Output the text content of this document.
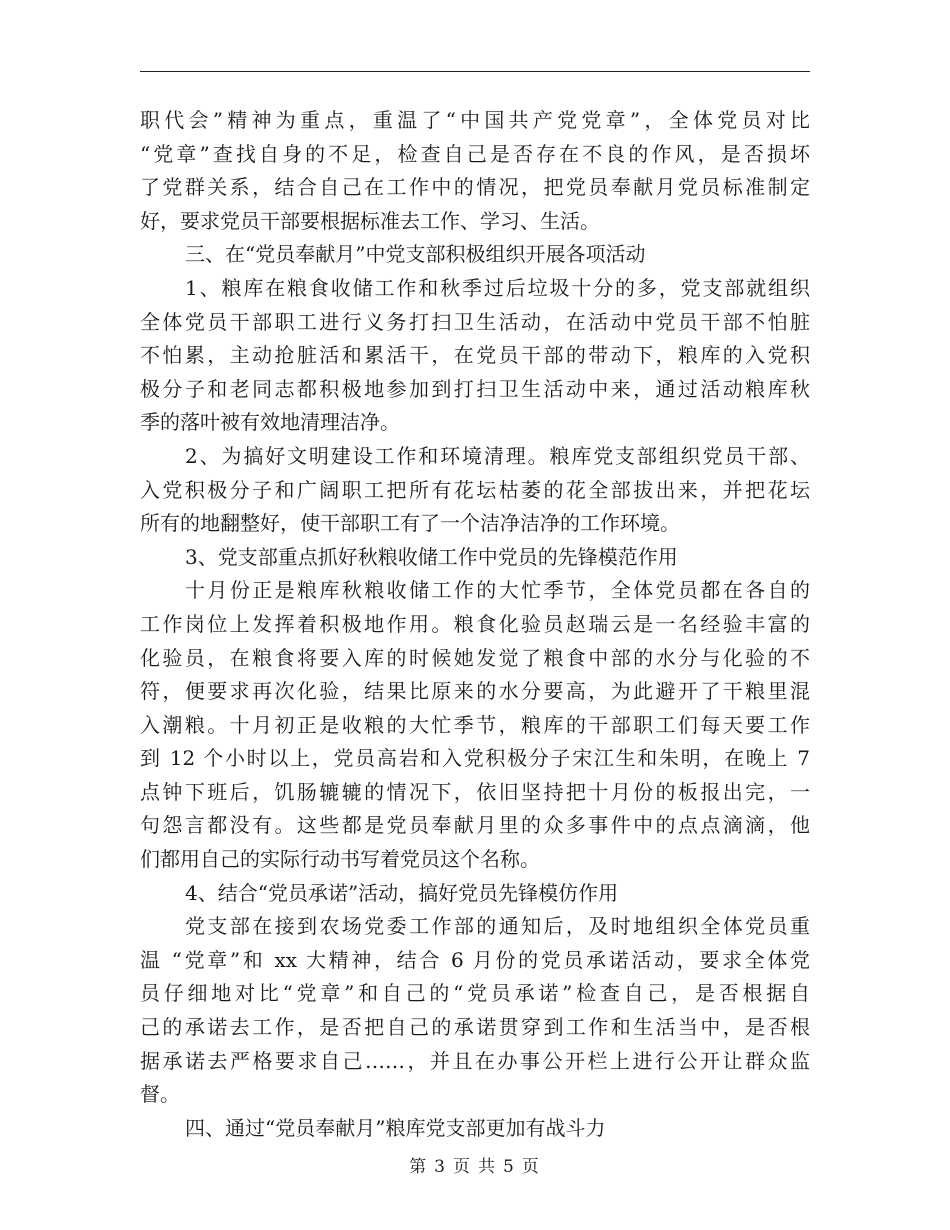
职代会”精神为重点，重温了“中国共产党党章”，全体党员对比
“党章”查找自身的不足，检查自己是否存在不良的作风，是否损坏
了党群关系，结合自己在工作中的情况，把党员奉献月党员标准制定
好，要求党员干部要根据标准去工作、学习、生活。
三、在“党员奉献月”中党支部积极组织开展各项活动
1、粮库在粮食收储工作和秋季过后垃圾十分的多，党支部就组织
全体党员干部职工进行义务打扫卫生活动，在活动中党员干部不怕脏
不怕累，主动抢脏活和累活干，在党员干部的带动下，粮库的入党积
极分子和老同志都积极地参加到打扫卫生活动中来，通过活动粮库秋
季的落叶被有效地清理洁净。
2、为搞好文明建设工作和环境清理。粮库党支部组织党员干部、
入党积极分子和广阔职工把所有花坛枯萎的花全部拔出来，并把花坛
所有的地翻整好，使干部职工有了一个洁净洁净的工作环境。
3、党支部重点抓好秋粮收储工作中党员的先锋模范作用
十月份正是粮库秋粮收储工作的大忙季节，全体党员都在各自的
工作岗位上发挥着积极地作用。粮食化验员赵瑞云是一名经验丰富的
化验员，在粮食将要入库的时候她发觉了粮食中部的水分与化验的不
符，便要求再次化验，结果比原来的水分要高，为此避开了干粮里混
入潮粮。十月初正是收粮的大忙季节，粮库的干部职工们每天要工作
到 12 个小时以上，党员高岩和入党积极分子宋江生和朱明，在晚上 7
点钟下班后，饥肠辘辘的情况下，依旧坚持把十月份的板报出完，一
句怨言都没有。这些都是党员奉献月里的众多事件中的点点滴滴，他
们都用自己的实际行动书写着党员这个名称。
4、结合“党员承诺”活动，搞好党员先锋模仿作用
党支部在接到农场党委工作部的通知后，及时地组织全体党员重
温 “党章”和 xx 大精神，结合 6 月份的党员承诺活动，要求全体党
员仔细地对比“党章”和自己的“党员承诺”检查自己，是否根据自
己的承诺去工作，是否把自己的承诺贯穿到工作和生活当中，是否根
据承诺去严格要求自己……，并且在办事公开栏上进行公开让群众监
督。
四、通过“党员奉献月”粮库党支部更加有战斗力
第 3 页 共 5 页
